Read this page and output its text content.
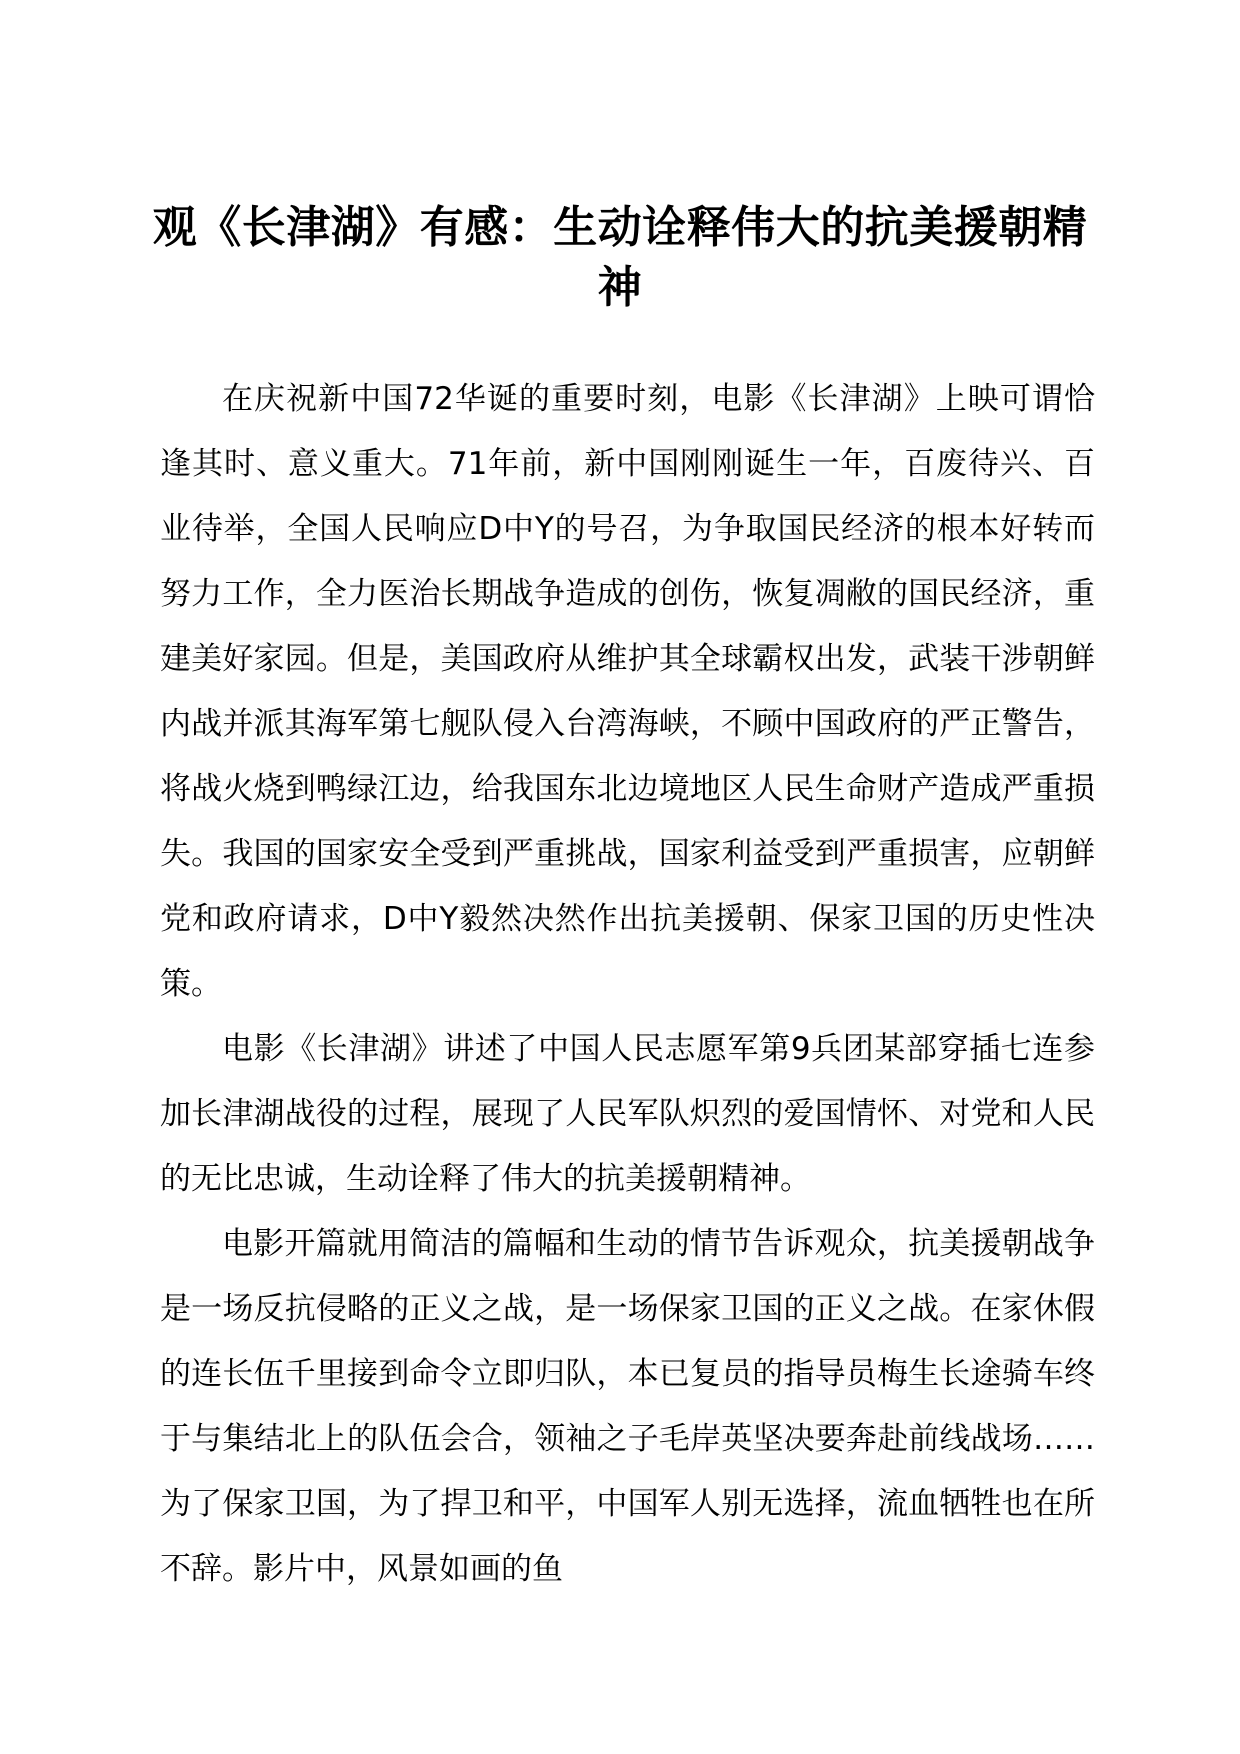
观《长津湖》有感：生动诠释伟大的抗美援朝精神

在庆祝新中国72华诞的重要时刻，电影《长津湖》上映可谓恰逢其时、意义重大。71年前，新中国刚刚诞生一年，百废待兴、百业待举，全国人民响应D中Y的号召，为争取国民经济的根本好转而努力工作，全力医治长期战争造成的创伤，恢复凋敝的国民经济，重建美好家园。但是，美国政府从维护其全球霸权出发，武装干涉朝鲜内战并派其海军第七舰队侵入台湾海峡，不顾中国政府的严正警告，将战火烧到鸭绿江边，给我国东北边境地区人民生命财产造成严重损失。我国的国家安全受到严重挑战，国家利益受到严重损害，应朝鲜党和政府请求，D中Y毅然决然作出抗美援朝、保家卫国的历史性决策。

电影《长津湖》讲述了中国人民志愿军第9兵团某部穿插七连参加长津湖战役的过程，展现了人民军队炽烈的爱国情怀、对党和人民的无比忠诚，生动诠释了伟大的抗美援朝精神。

电影开篇就用简洁的篇幅和生动的情节告诉观众，抗美援朝战争是一场反抗侵略的正义之战，是一场保家卫国的正义之战。在家休假的连长伍千里接到命令立即归队，本已复员的指导员梅生长途骑车终于与集结北上的队伍会合，领袖之子毛岸英坚决要奔赴前线战场……为了保家卫国，为了捍卫和平，中国军人别无选择，流血牺牲也在所不辞。影片中，风景如画的鱼
